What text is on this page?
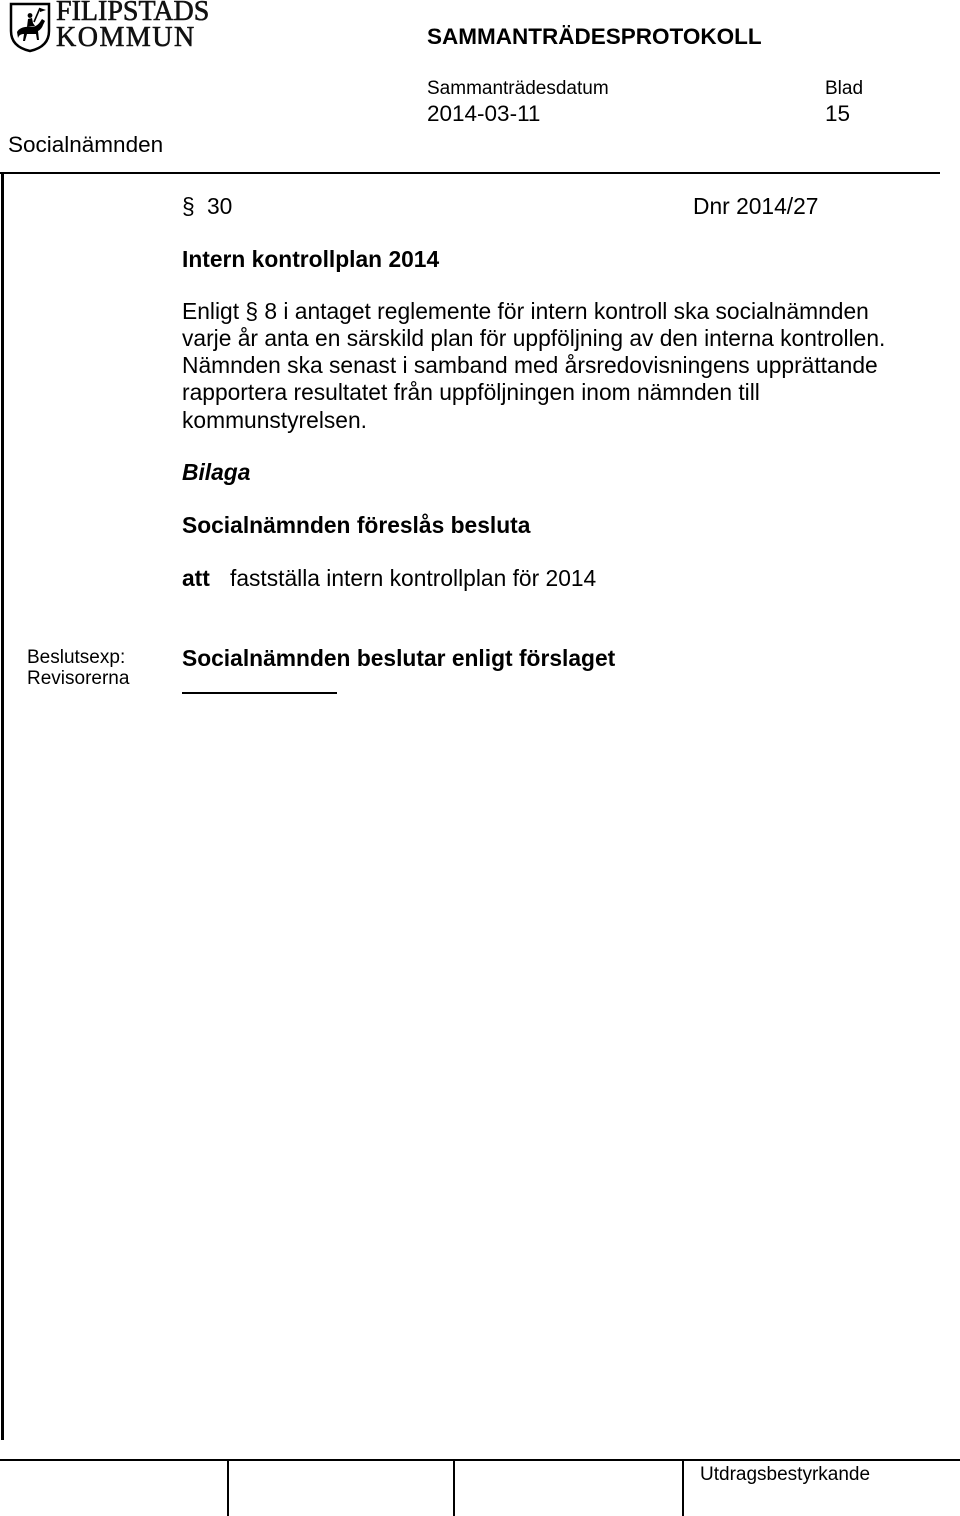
FILIPSTADS
KOMMUN	SAMMANTRÄDESPROTOKOLL
Sammanträdesdatum	Blad
2014-03-11	15
Socialnämnden
§ 30	Dnr 2014/27
Intern kontrollplan 2014
Enligt § 8 i antaget reglemente för intern kontroll ska socialnämnden
varje år anta en särskild plan för uppföljning av den interna kontrollen.
Nämnden ska senast i samband med årsredovisningens upprättande
rapportera resultatet från uppföljningen inom nämnden till
kommunstyrelsen.
Bilaga
Socialnämnden föreslås besluta
att fastställa intern kontrollplan för 2014
Beslutsexp:
Revisorerna
Socialnämnden beslutar enligt förslaget
Utdragsbestyrkande
